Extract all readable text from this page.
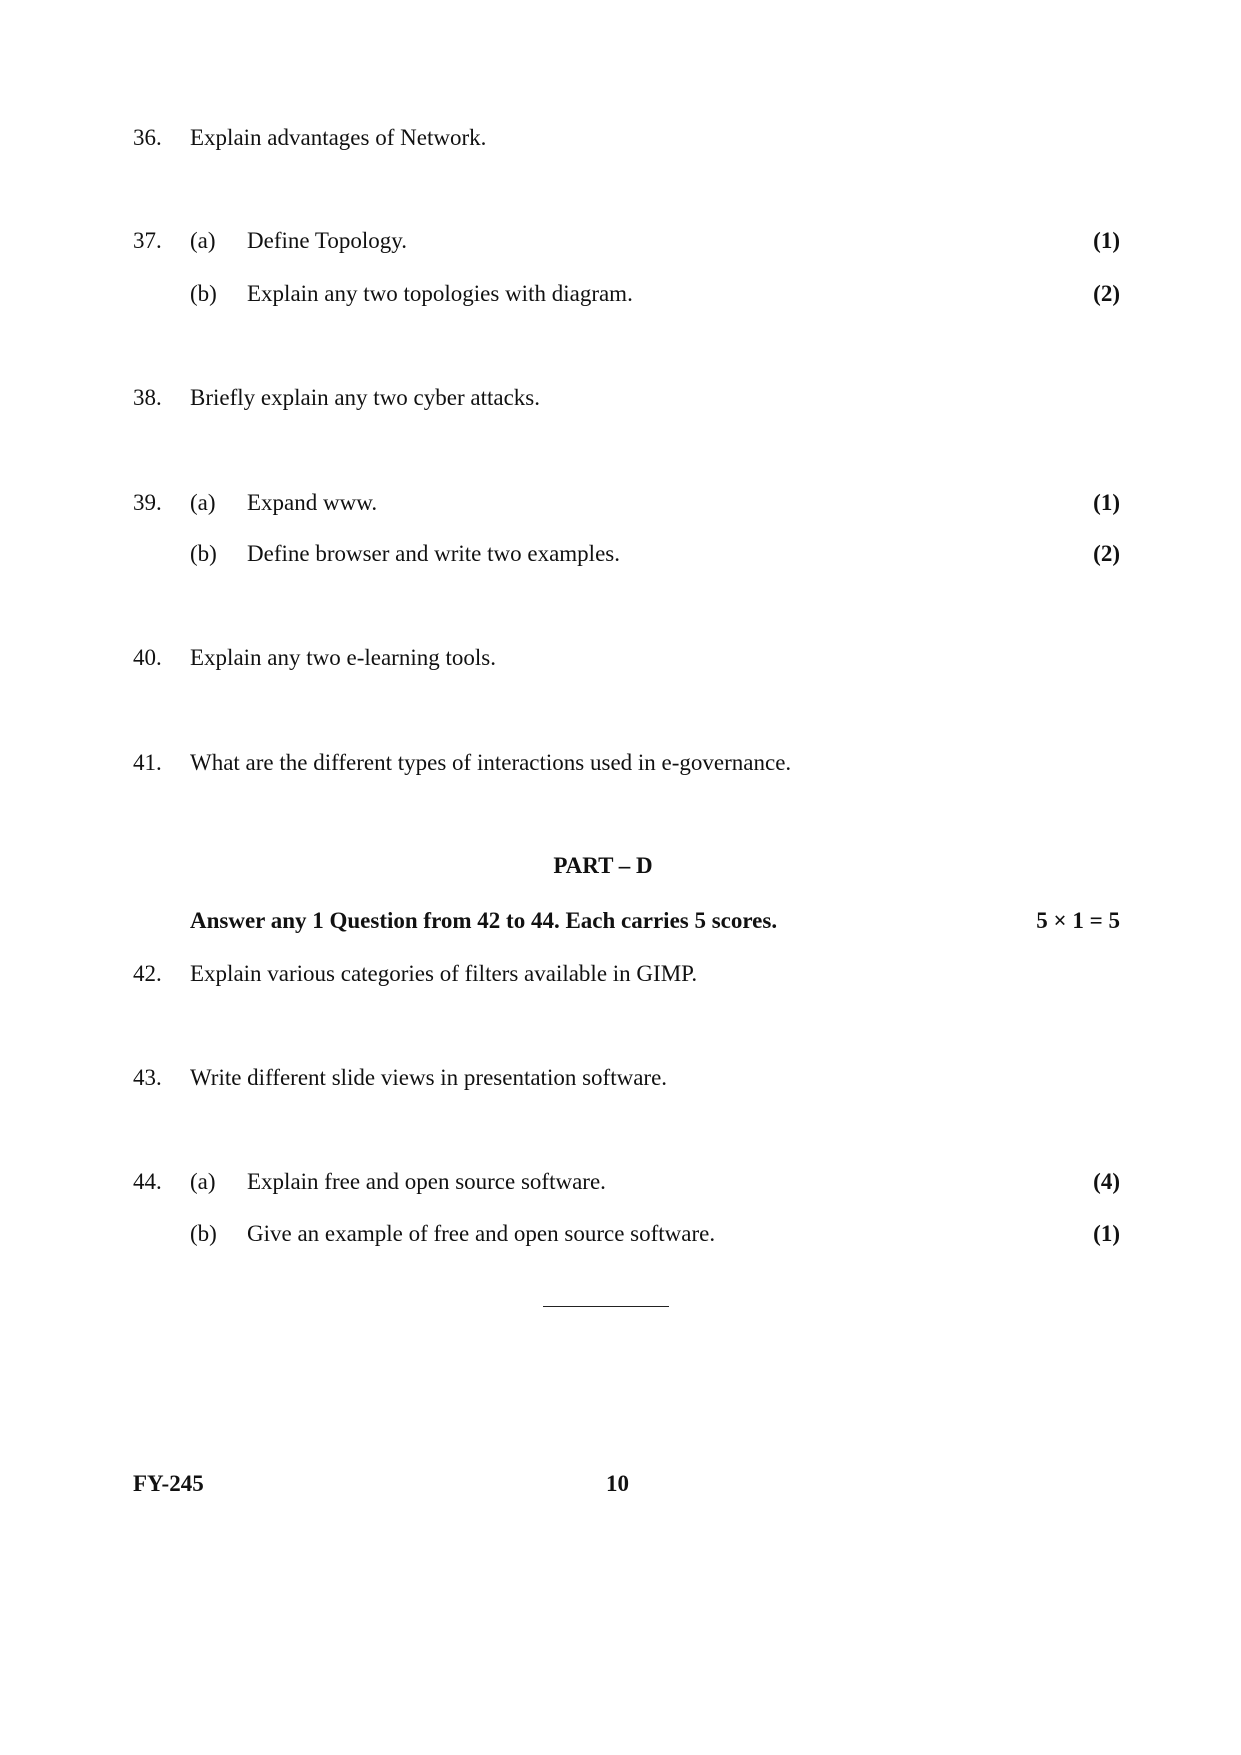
36. Explain advantages of Network.
37. (a) Define Topology.	(1)
(b) Explain any two topologies with diagram.	(2)
38. Briefly explain any two cyber attacks.
39. (a) Expand www.	(1)
(b) Define browser and write two examples.	(2)
40. Explain any two e-learning tools.
41. What are the different types of interactions used in e-governance.
PART – D
Answer any 1 Question from 42 to 44. Each carries 5 scores.	5 × 1 = 5
42. Explain various categories of filters available in GIMP.
43. Write different slide views in presentation software.
44. (a) Explain free and open source software.	(4)
(b) Give an example of free and open source software.	(1)
FY-245	10
